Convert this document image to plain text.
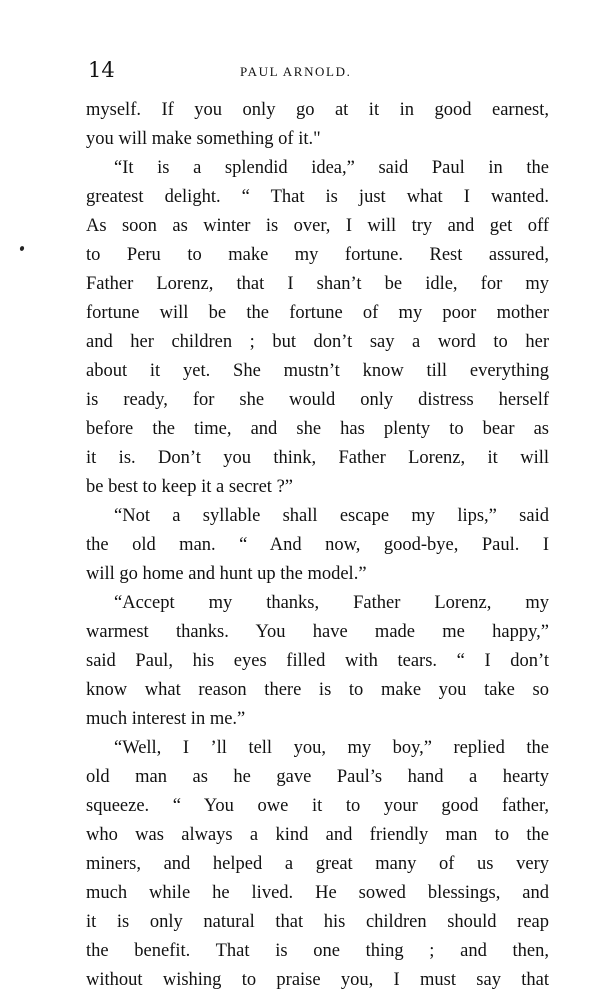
14	PAUL ARNOLD.
myself. If you only go at it in good earnest,
you will make something of it."
“It is a splendid idea,” said Paul in the
greatest delight. “ That is just what I wanted.
As soon as winter is over, I will try and get off
to Peru to make my fortune. Rest assured,
Father Lorenz, that I shan’t be idle, for my
fortune will be the fortune of my poor mother
and her children ; but don’t say a word to her
about it yet. She mustn’t know till everything
is ready, for she would only distress herself
before the time, and she has plenty to bear as
it is. Don’t you think, Father Lorenz, it will
be best to keep it a secret ?”
“Not a syllable shall escape my lips,” said
the old man. “ And now, good-bye, Paul. I
will go home and hunt up the model.”
“Accept my thanks, Father Lorenz, my
warmest thanks. You have made me happy,”
said Paul, his eyes filled with tears. “ I don’t
know what reason there is to make you take so
much interest in me.”
“Well, I ’ll tell you, my boy,” replied the
old man as he gave Paul’s hand a hearty
squeeze. “ You owe it to your good father,
who was always a kind and friendly man to the
miners, and helped a great many of us very
much while he lived. He sowed blessings, and
it is only natural that his children should reap
the benefit. That is one thing ; and then,
without wishing to praise you, I must say that
